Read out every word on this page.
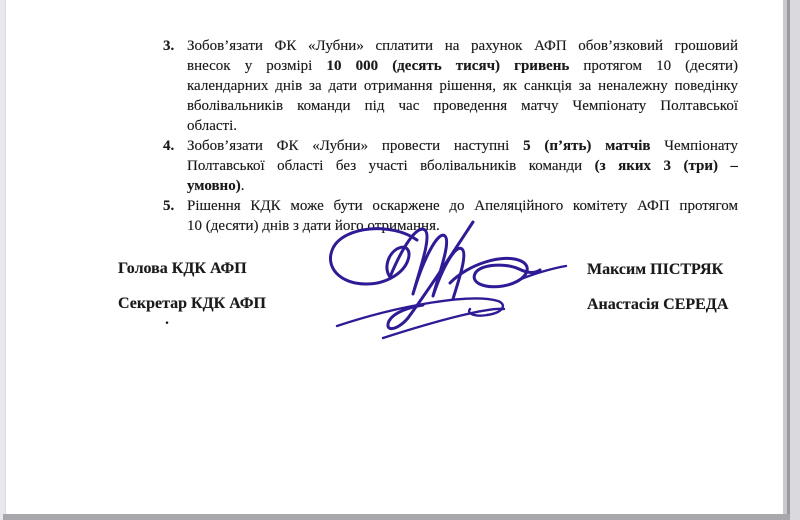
3. Зобов’язати ФК «Лубни» сплатити на рахунок АФП обов’язковий грошовий
внесок у розмірі 10 000 (десять тисяч) гривень протягом 10 (десяти)
календарних днів за дати отримання рішення, як санкція за неналежну поведінку
вболівальників команди під час проведення матчу Чемпіонату Полтавської
області.
4. Зобов’язати ФК «Лубни» провести наступні 5 (п’ять) матчів Чемпіонату
Полтавської області без участі вболівальників команди (з яких 3 (три) –
умовно).
5. Рішення КДК може бути оскаржене до Апеляційного комітету АФП протягом
10 (десяти) днів з дати його отримання.
Голова КДК АФП	Максим ПІСТРЯК
Секретар КДК АФП	Анастасія СЕРЕДА
.
